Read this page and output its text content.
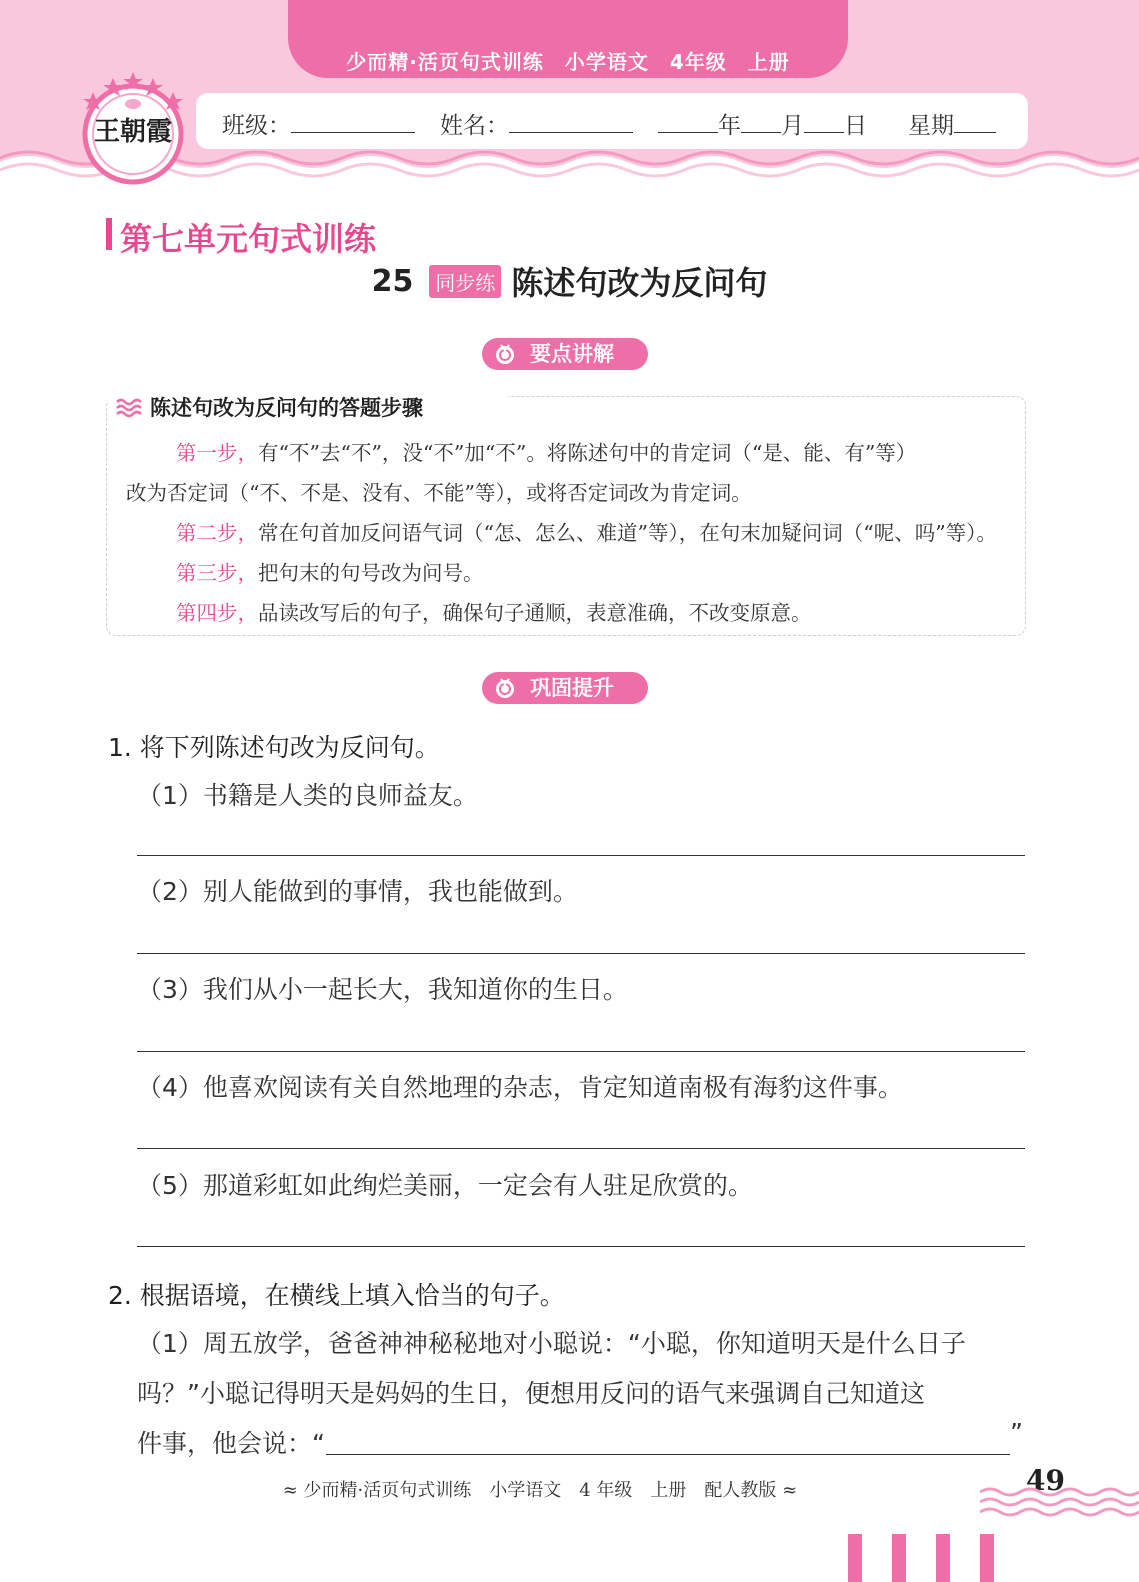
少而精·活页句式训练　小学语文　4年级　上册
王朝霞 班级：	姓名：	年 月 日 星期
第七单元句式训练
25 同步练 陈述句改为反问句
要点讲解
陈述句改为反问句的答题步骤
第一步，有“不”去“不”，没“不”加“不”。将陈述句中的肯定词（“是、能、有”等）
改为否定词（“不、不是、没有、不能”等），或将否定词改为肯定词。
第二步，常在句首加反问语气词（“怎、怎么、难道”等），在句末加疑问词（“呢、吗”等）。
第三步，把句末的句号改为问号。
第四步，品读改写后的句子，确保句子通顺，表意准确，不改变原意。
巩固提升
1. 将下列陈述句改为反问句。
（1）书籍是人类的良师益友。
（2）别人能做到的事情，我也能做到。
（3）我们从小一起长大，我知道你的生日。
（4）他喜欢阅读有关自然地理的杂志，肯定知道南极有海豹这件事。
（5）那道彩虹如此绚烂美丽，一定会有人驻足欣赏的。
2. 根据语境，在横线上填入恰当的句子。
（1）周五放学，爸爸神神秘秘地对小聪说：“小聪，你知道明天是什么日子
吗？”小聪记得明天是妈妈的生日，便想用反问的语气来强调自己知道这
件事，他会说：“	”
≈ 少而精·活页句式训练　小学语文　4 年级　上册　配人教版 ≈	49
